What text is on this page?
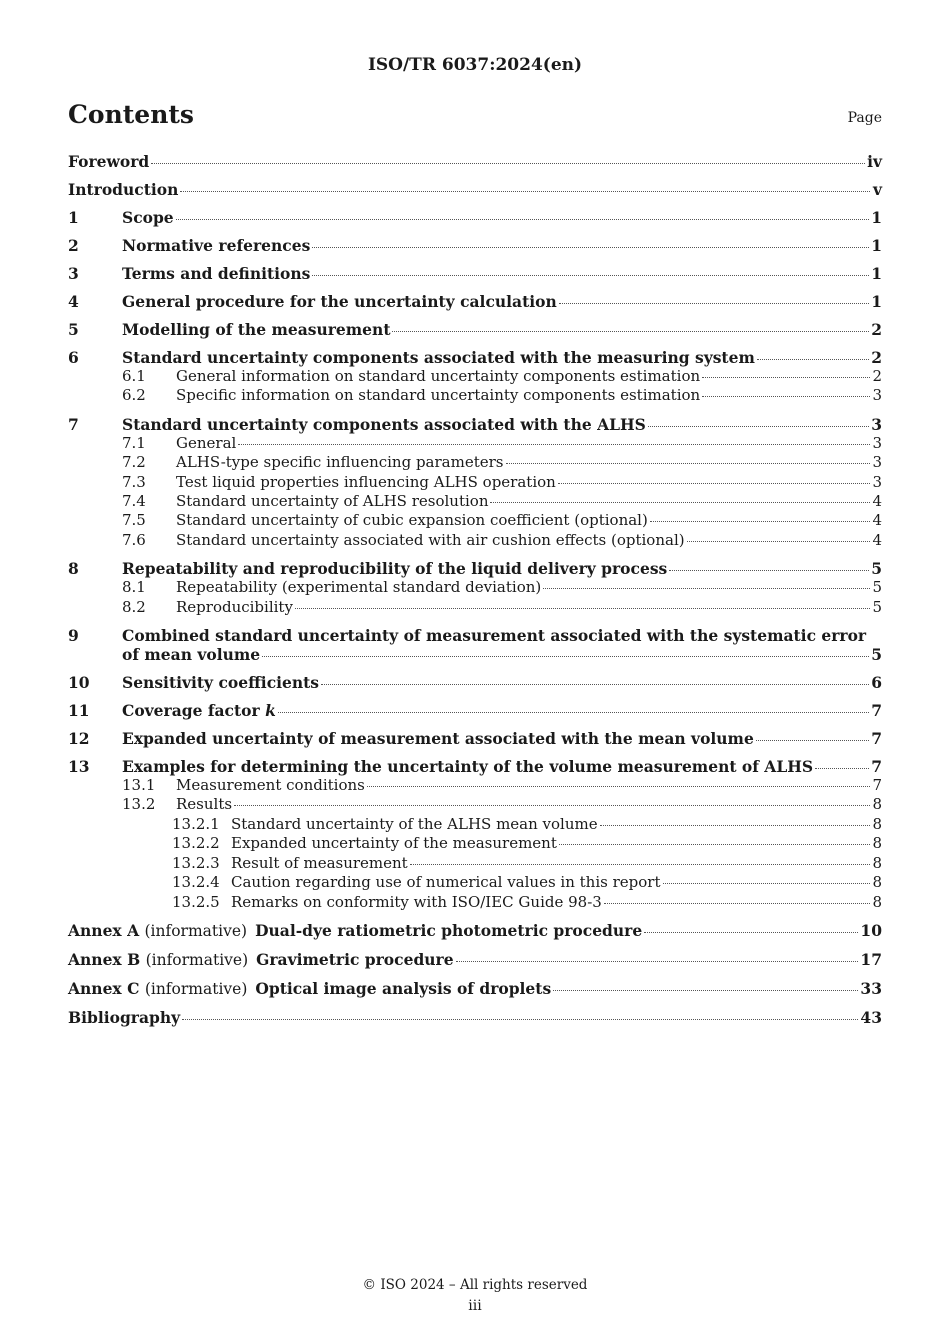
ISO/TR 6037:2024(en)
Contents	Page
Foreword	iv
Introduction	v
1	Scope	1
2	Normative references	1
3	Terms and definitions	1
4	General procedure for the uncertainty calculation	1
5	Modelling of the measurement	2
6	Standard uncertainty components associated with the measuring system	2
6.1	General information on standard uncertainty components estimation	2
6.2	Specific information on standard uncertainty components estimation	3
7	Standard uncertainty components associated with the ALHS	3
7.1	General	3
7.2	ALHS-type specific influencing parameters	3
7.3	Test liquid properties influencing ALHS operation	3
7.4	Standard uncertainty of ALHS resolution	4
7.5	Standard uncertainty of cubic expansion coefficient (optional)	4
7.6	Standard uncertainty associated with air cushion effects (optional)	4
8	Repeatability and reproducibility of the liquid delivery process	5
8.1	Repeatability (experimental standard deviation)	5
8.2	Reproducibility	5
9	Combined standard uncertainty of measurement associated with the systematic error
of mean volume	5
10	Sensitivity coefficients	6
11	Coverage factor k	7
12	Expanded uncertainty of measurement associated with the mean volume	7
13	Examples for determining the uncertainty of the volume measurement of ALHS	7
13.1	Measurement conditions	7
13.2	Results	8
13.2.1 Standard uncertainty of the ALHS mean volume	8
13.2.2 Expanded uncertainty of the measurement	8
13.2.3 Result of measurement	8
13.2.4 Caution regarding use of numerical values in this report	8
13.2.5 Remarks on conformity with ISO/IEC Guide 98-3	8
Annex A (informative) Dual-dye ratiometric photometric procedure	10
Annex B (informative) Gravimetric procedure	17
Annex C (informative) Optical image analysis of droplets	33
Bibliography	43
© ISO 2024 – All rights reserved
iii
